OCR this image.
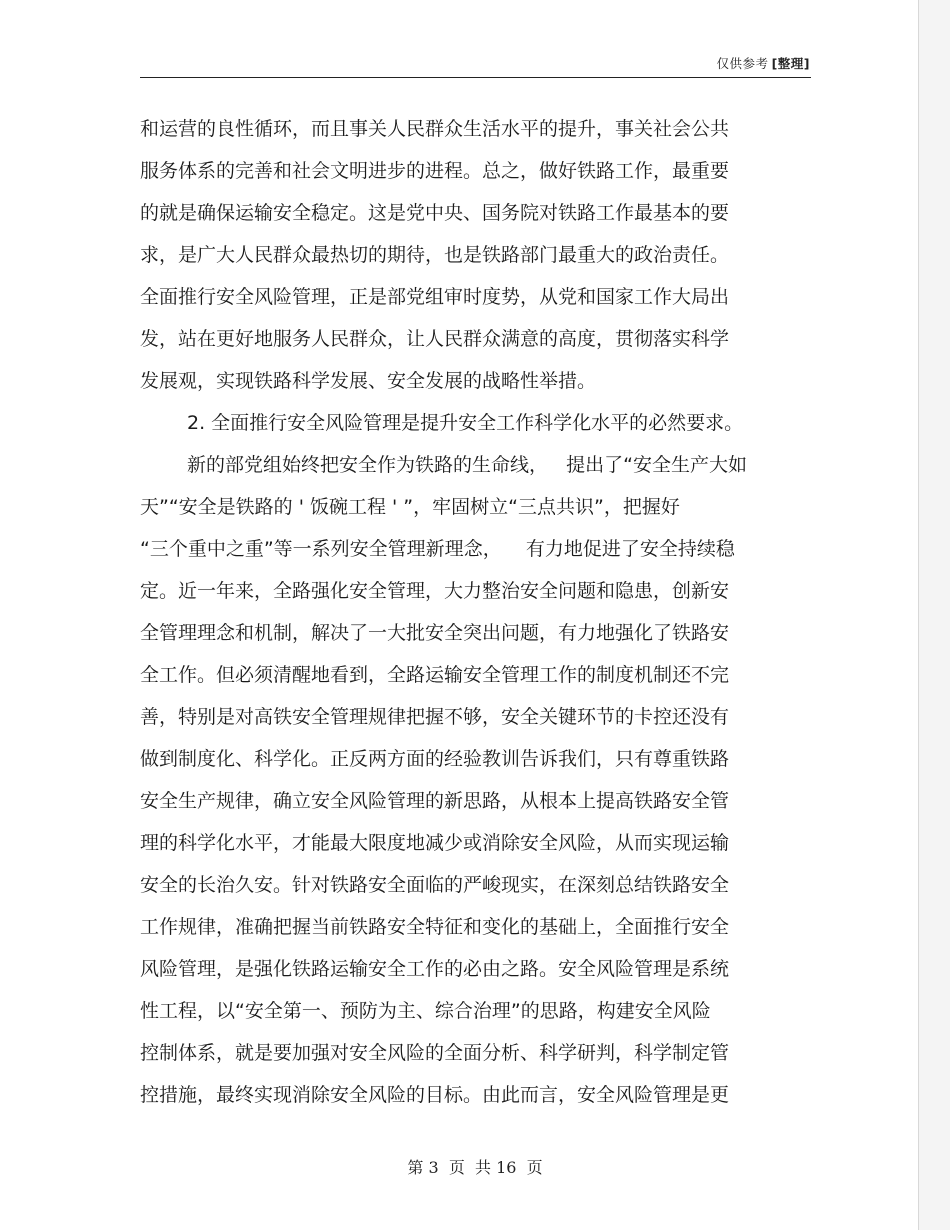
仅供参考 [整理]
和运营的良性循环，而且事关人民群众生活水平的提升，事关社会公共
服务体系的完善和社会文明进步的进程。总之，做好铁路工作，最重要
的就是确保运输安全稳定。这是党中央、国务院对铁路工作最基本的要
求，是广大人民群众最热切的期待，也是铁路部门最重大的政治责任。
全面推行安全风险管理，正是部党组审时度势，从党和国家工作大局出
发，站在更好地服务人民群众，让人民群众满意的高度，贯彻落实科学
发展观，实现铁路科学发展、安全发展的战略性举措。
2. 全面推行安全风险管理是提升安全工作科学化水平的必然要求。
新的部党组始终把安全作为铁路的生命线，   提出了“安全生产大如
天”“安全是铁路的 ' 饭碗工程 ' ”，牢固树立“三点共识”，把握好
“三个重中之重”等一系列安全管理新理念，    有力地促进了安全持续稳
定。近一年来，全路强化安全管理，大力整治安全问题和隐患，创新安
全管理理念和机制，解决了一大批安全突出问题，有力地强化了铁路安
全工作。但必须清醒地看到，全路运输安全管理工作的制度机制还不完
善，特别是对高铁安全管理规律把握不够，安全关键环节的卡控还没有
做到制度化、科学化。正反两方面的经验教训告诉我们，只有尊重铁路
安全生产规律，确立安全风险管理的新思路，从根本上提高铁路安全管
理的科学化水平，才能最大限度地减少或消除安全风险，从而实现运输
安全的长治久安。针对铁路安全面临的严峻现实，在深刻总结铁路安全
工作规律，准确把握当前铁路安全特征和变化的基础上，全面推行安全
风险管理，是强化铁路运输安全工作的必由之路。安全风险管理是系统
性工程，以“安全第一、预防为主、综合治理”的思路，构建安全风险
控制体系，就是要加强对安全风险的全面分析、科学研判，科学制定管
控措施，最终实现消除安全风险的目标。由此而言，安全风险管理是更
第 3  页  共 16  页
